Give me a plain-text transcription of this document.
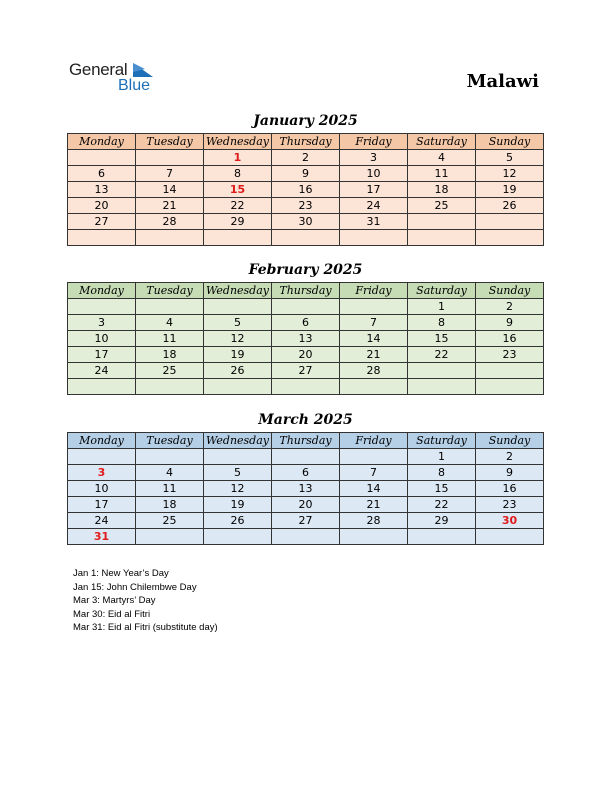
General
Blue	Malawi
January 2025
Monday	Tuesday	Wednesday	Thursday	Friday	Saturday	Sunday
		1	2	3	4	5
6	7	8	9	10	11	12
13	14	15	16	17	18	19
20	21	22	23	24	25	26
27	28	29	30	31		

February 2025
Monday	Tuesday	Wednesday	Thursday	Friday	Saturday	Sunday
					1	2
3	4	5	6	7	8	9
10	11	12	13	14	15	16
17	18	19	20	21	22	23
24	25	26	27	28		

March 2025
Monday	Tuesday	Wednesday	Thursday	Friday	Saturday	Sunday
					1	2
3	4	5	6	7	8	9
10	11	12	13	14	15	16
17	18	19	20	21	22	23
24	25	26	27	28	29	30
31						
Jan 1: New Year’s Day
Jan 15: John Chilembwe Day
Mar 3: Martyrs’ Day
Mar 30: Eid al Fitri
Mar 31: Eid al Fitri (substitute day)
